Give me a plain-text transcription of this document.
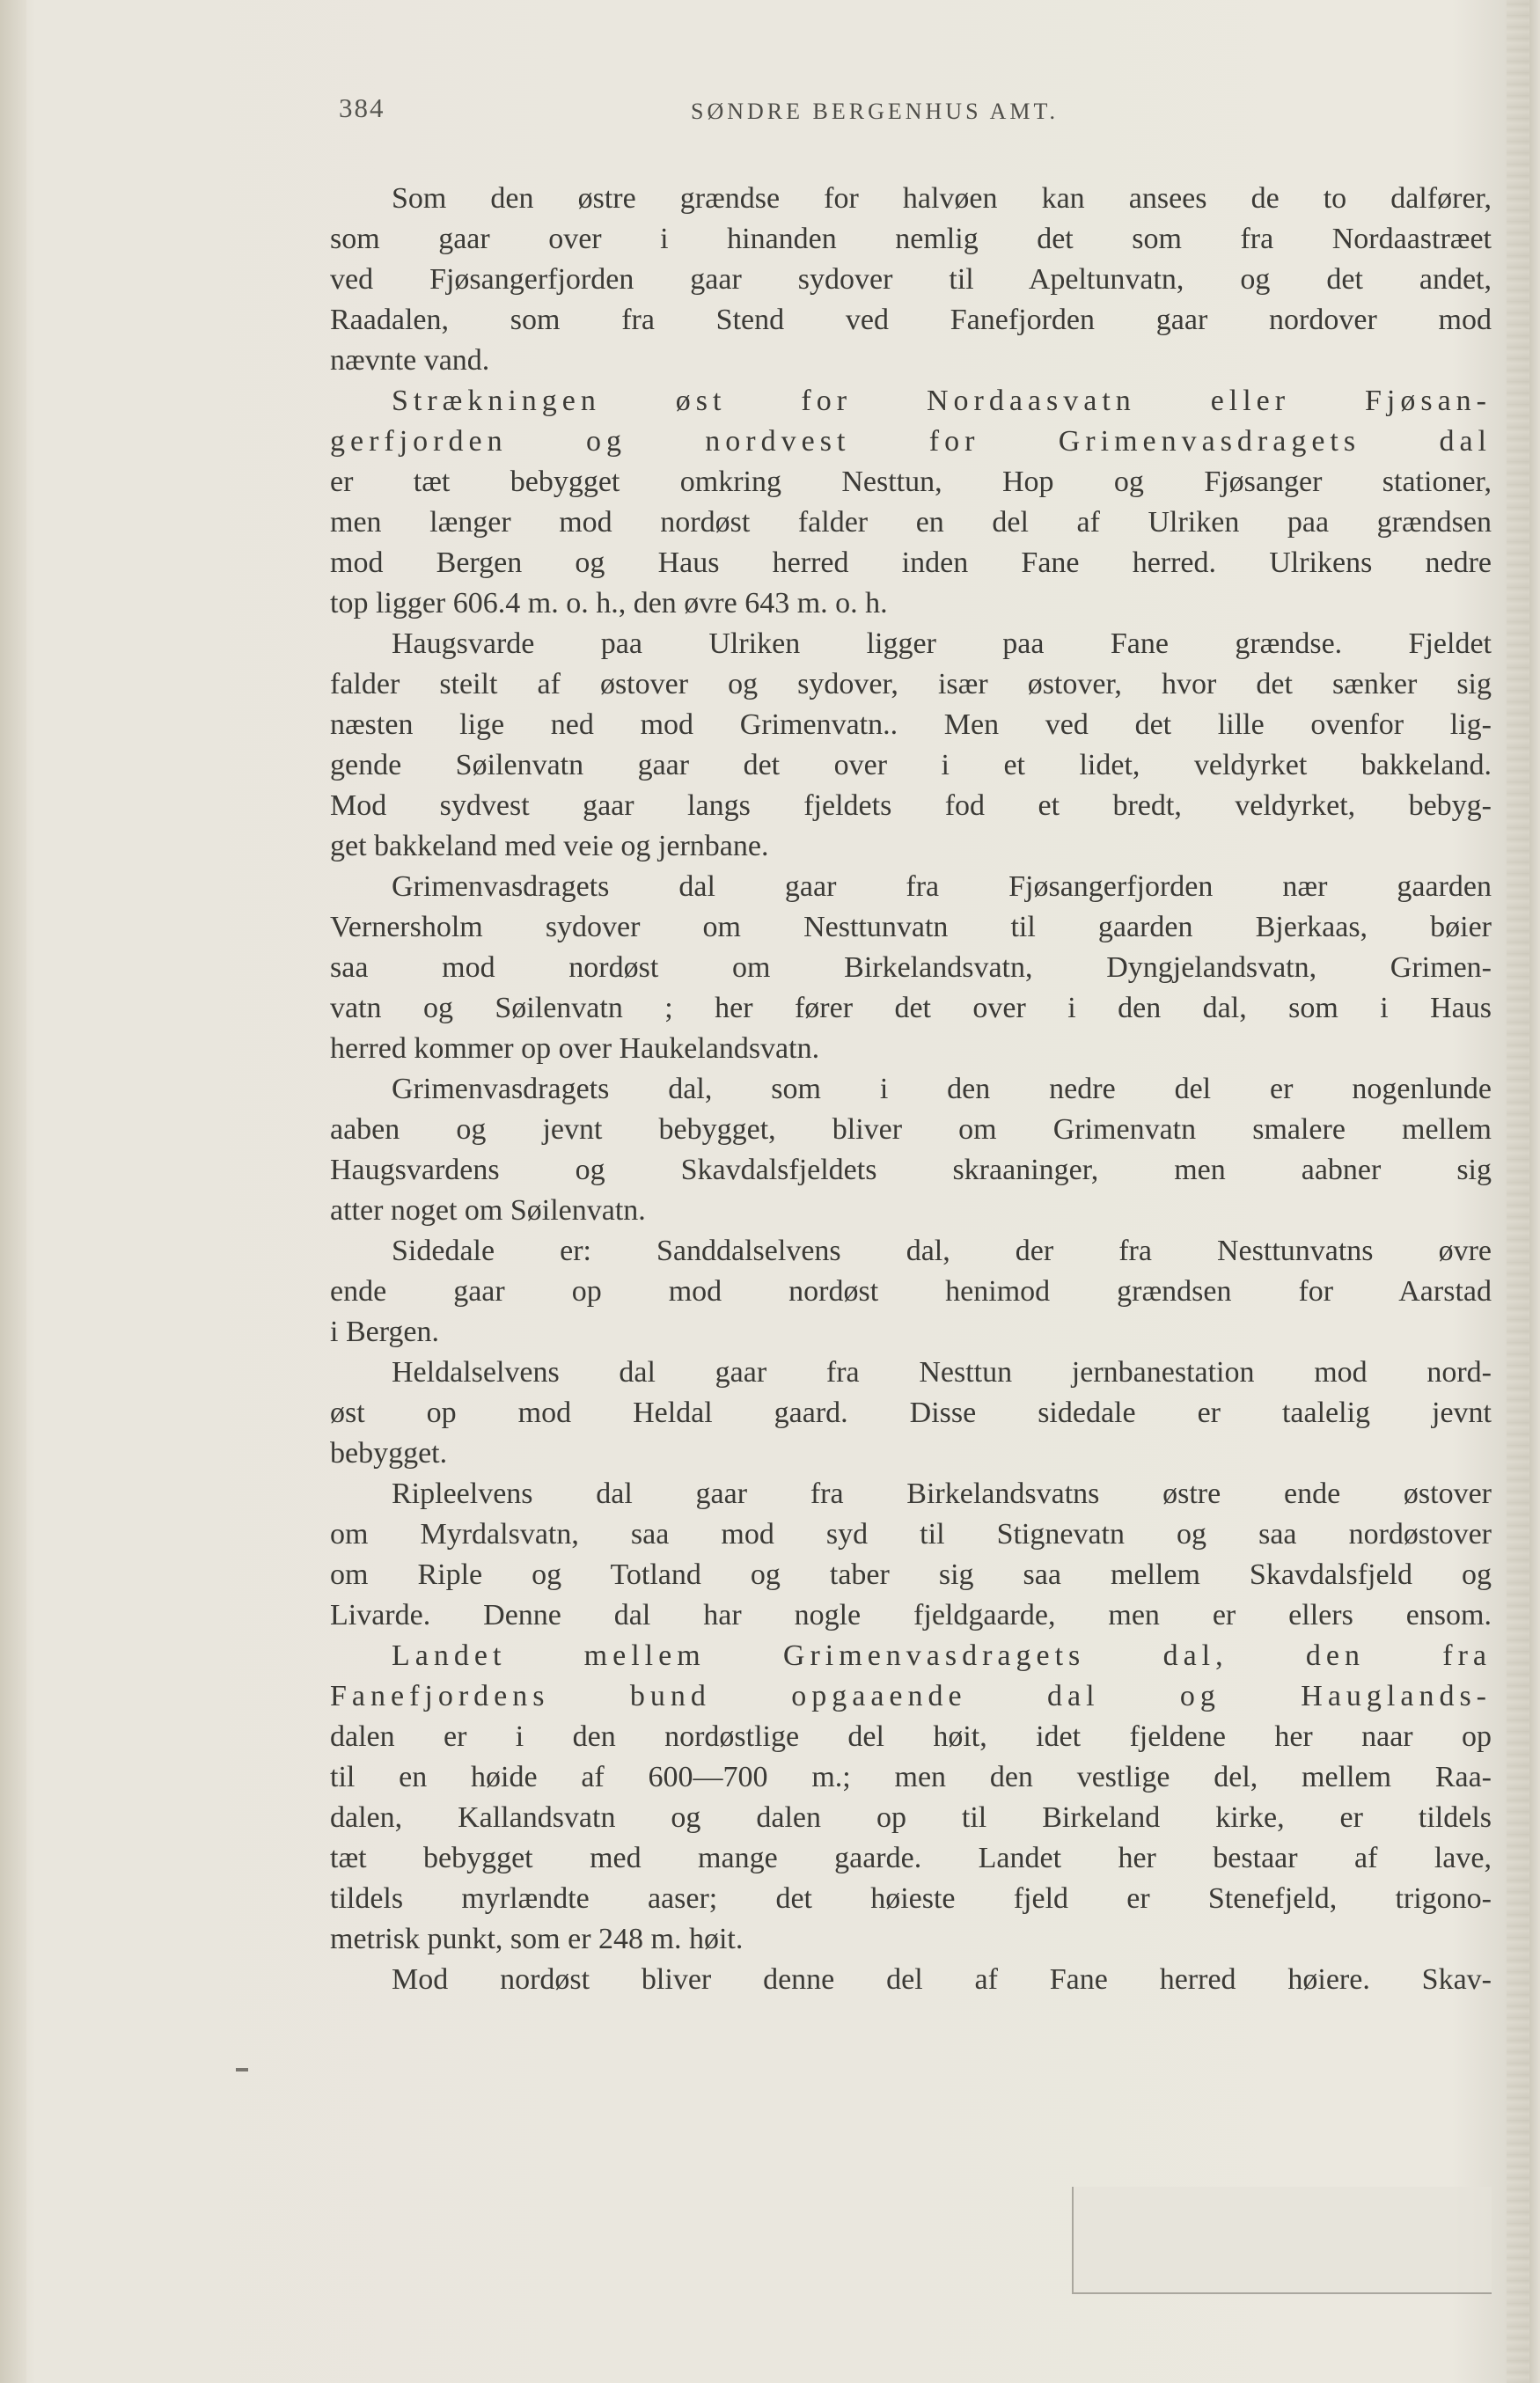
384	SØNDRE BERGENHUS AMT.
Som den østre grændse for halvøen kan ansees de to dalfører,
som gaar over i hinanden nemlig det som fra Nordaastræet
ved Fjøsangerfjorden gaar sydover til Apeltunvatn, og det andet,
Raadalen, som fra Stend ved Fanefjorden gaar nordover mod
nævnte vand.
Strækningen øst for Nordaasvatn eller Fjøsan-
gerfjorden og nordvest for Grimenvasdragets dal
er tæt bebygget omkring Nesttun, Hop og Fjøsanger stationer,
men længer mod nordøst falder en del af Ulriken paa grændsen
mod Bergen og Haus herred inden Fane herred. Ulrikens nedre
top ligger 606.4 m. o. h., den øvre 643 m. o. h.
Haugsvarde paa Ulriken ligger paa Fane grændse. Fjeldet
falder steilt af østover og sydover, især østover, hvor det sænker sig
næsten lige ned mod Grimenvatn.. Men ved det lille ovenfor lig-
gende Søilenvatn gaar det over i et lidet, veldyrket bakkeland.
Mod sydvest gaar langs fjeldets fod et bredt, veldyrket, bebyg-
get bakkeland med veie og jernbane.
Grimenvasdragets dal gaar fra Fjøsangerfjorden nær gaarden
Vernersholm sydover om Nesttunvatn til gaarden Bjerkaas, bøier
saa mod nordøst om Birkelandsvatn, Dyngjelandsvatn, Grimen-
vatn og Søilenvatn ; her fører det over i den dal, som i Haus
herred kommer op over Haukelandsvatn.
Grimenvasdragets dal, som i den nedre del er nogenlunde
aaben og jevnt bebygget, bliver om Grimenvatn smalere mellem
Haugsvardens og Skavdalsfjeldets skraaninger, men aabner sig
atter noget om Søilenvatn.
Sidedale er: Sanddalselvens dal, der fra Nesttunvatns øvre
ende gaar op mod nordøst henimod grændsen for Aarstad
i Bergen.
Heldalselvens dal gaar fra Nesttun jernbanestation mod nord-
øst op mod Heldal gaard. Disse sidedale er taalelig jevnt
bebygget.
Ripleelvens dal gaar fra Birkelandsvatns østre ende østover
om Myrdalsvatn, saa mod syd til Stignevatn og saa nordøstover
om Riple og Totland og taber sig saa mellem Skavdalsfjeld og
Livarde. Denne dal har nogle fjeldgaarde, men er ellers ensom.
Landet mellem Grimenvasdragets dal, den fra
Fanefjordens bund opgaaende dal og Hauglands-
dalen er i den nordøstlige del høit, idet fjeldene her naar op
til en høide af 600—700 m.; men den vestlige del, mellem Raa-
dalen, Kallandsvatn og dalen op til Birkeland kirke, er tildels
tæt bebygget med mange gaarde. Landet her bestaar af lave,
tildels myrlændte aaser; det høieste fjeld er Stenefjeld, trigono-
metrisk punkt, som er 248 m. høit.
Mod nordøst bliver denne del af Fane herred høiere. Skav-
